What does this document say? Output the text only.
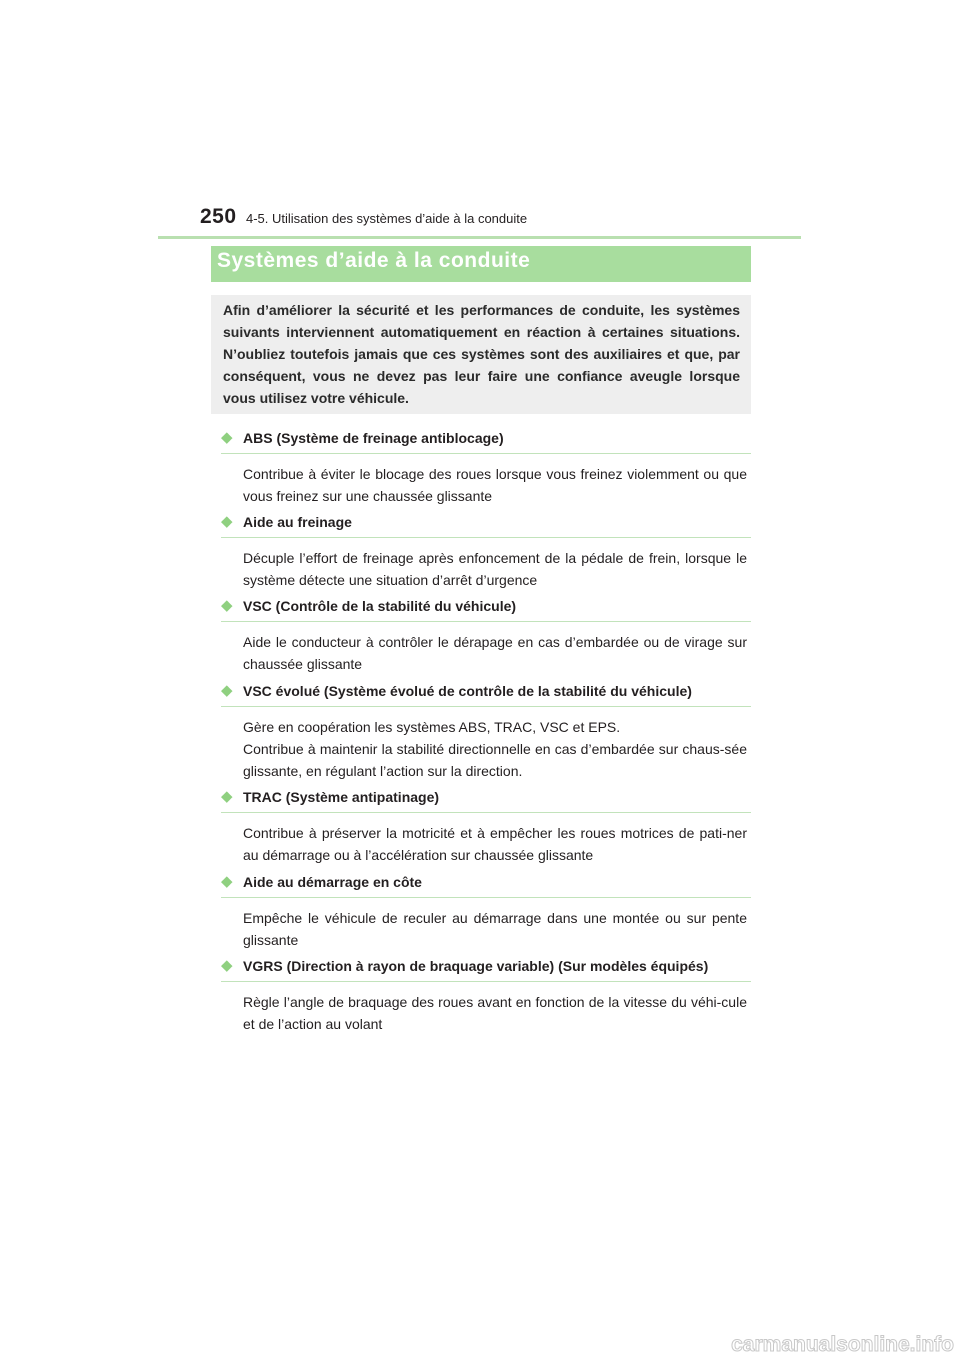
250 4-5. Utilisation des systèmes d’aide à la conduite
Systèmes d’aide à la conduite
Afin d’améliorer la sécurité et les performances de conduite, les systèmes suivants interviennent automatiquement en réaction à certaines situations. N’oubliez toutefois jamais que ces systèmes sont des auxiliaires et que, par conséquent, vous ne devez pas leur faire une confiance aveugle lorsque vous utilisez votre véhicule.
◆ ABS (Système de freinage antiblocage)
Contribue à éviter le blocage des roues lorsque vous freinez violemment ou que vous freinez sur une chaussée glissante
◆ Aide au freinage
Décuple l’effort de freinage après enfoncement de la pédale de frein, lorsque le système détecte une situation d’arrêt d’urgence
◆ VSC (Contrôle de la stabilité du véhicule)
Aide le conducteur à contrôler le dérapage en cas d’embardée ou de virage sur chaussée glissante
◆ VSC évolué (Système évolué de contrôle de la stabilité du véhicule)
Gère en coopération les systèmes ABS, TRAC, VSC et EPS.
Contribue à maintenir la stabilité directionnelle en cas d’embardée sur chaus-sée glissante, en régulant l’action sur la direction.
◆ TRAC (Système antipatinage)
Contribue à préserver la motricité et à empêcher les roues motrices de pati-ner au démarrage ou à l’accélération sur chaussée glissante
◆ Aide au démarrage en côte
Empêche le véhicule de reculer au démarrage dans une montée ou sur pente glissante
◆ VGRS (Direction à rayon de braquage variable) (Sur modèles équipés)
Règle l’angle de braquage des roues avant en fonction de la vitesse du véhi-cule et de l’action au volant
carmanualsonline.info
